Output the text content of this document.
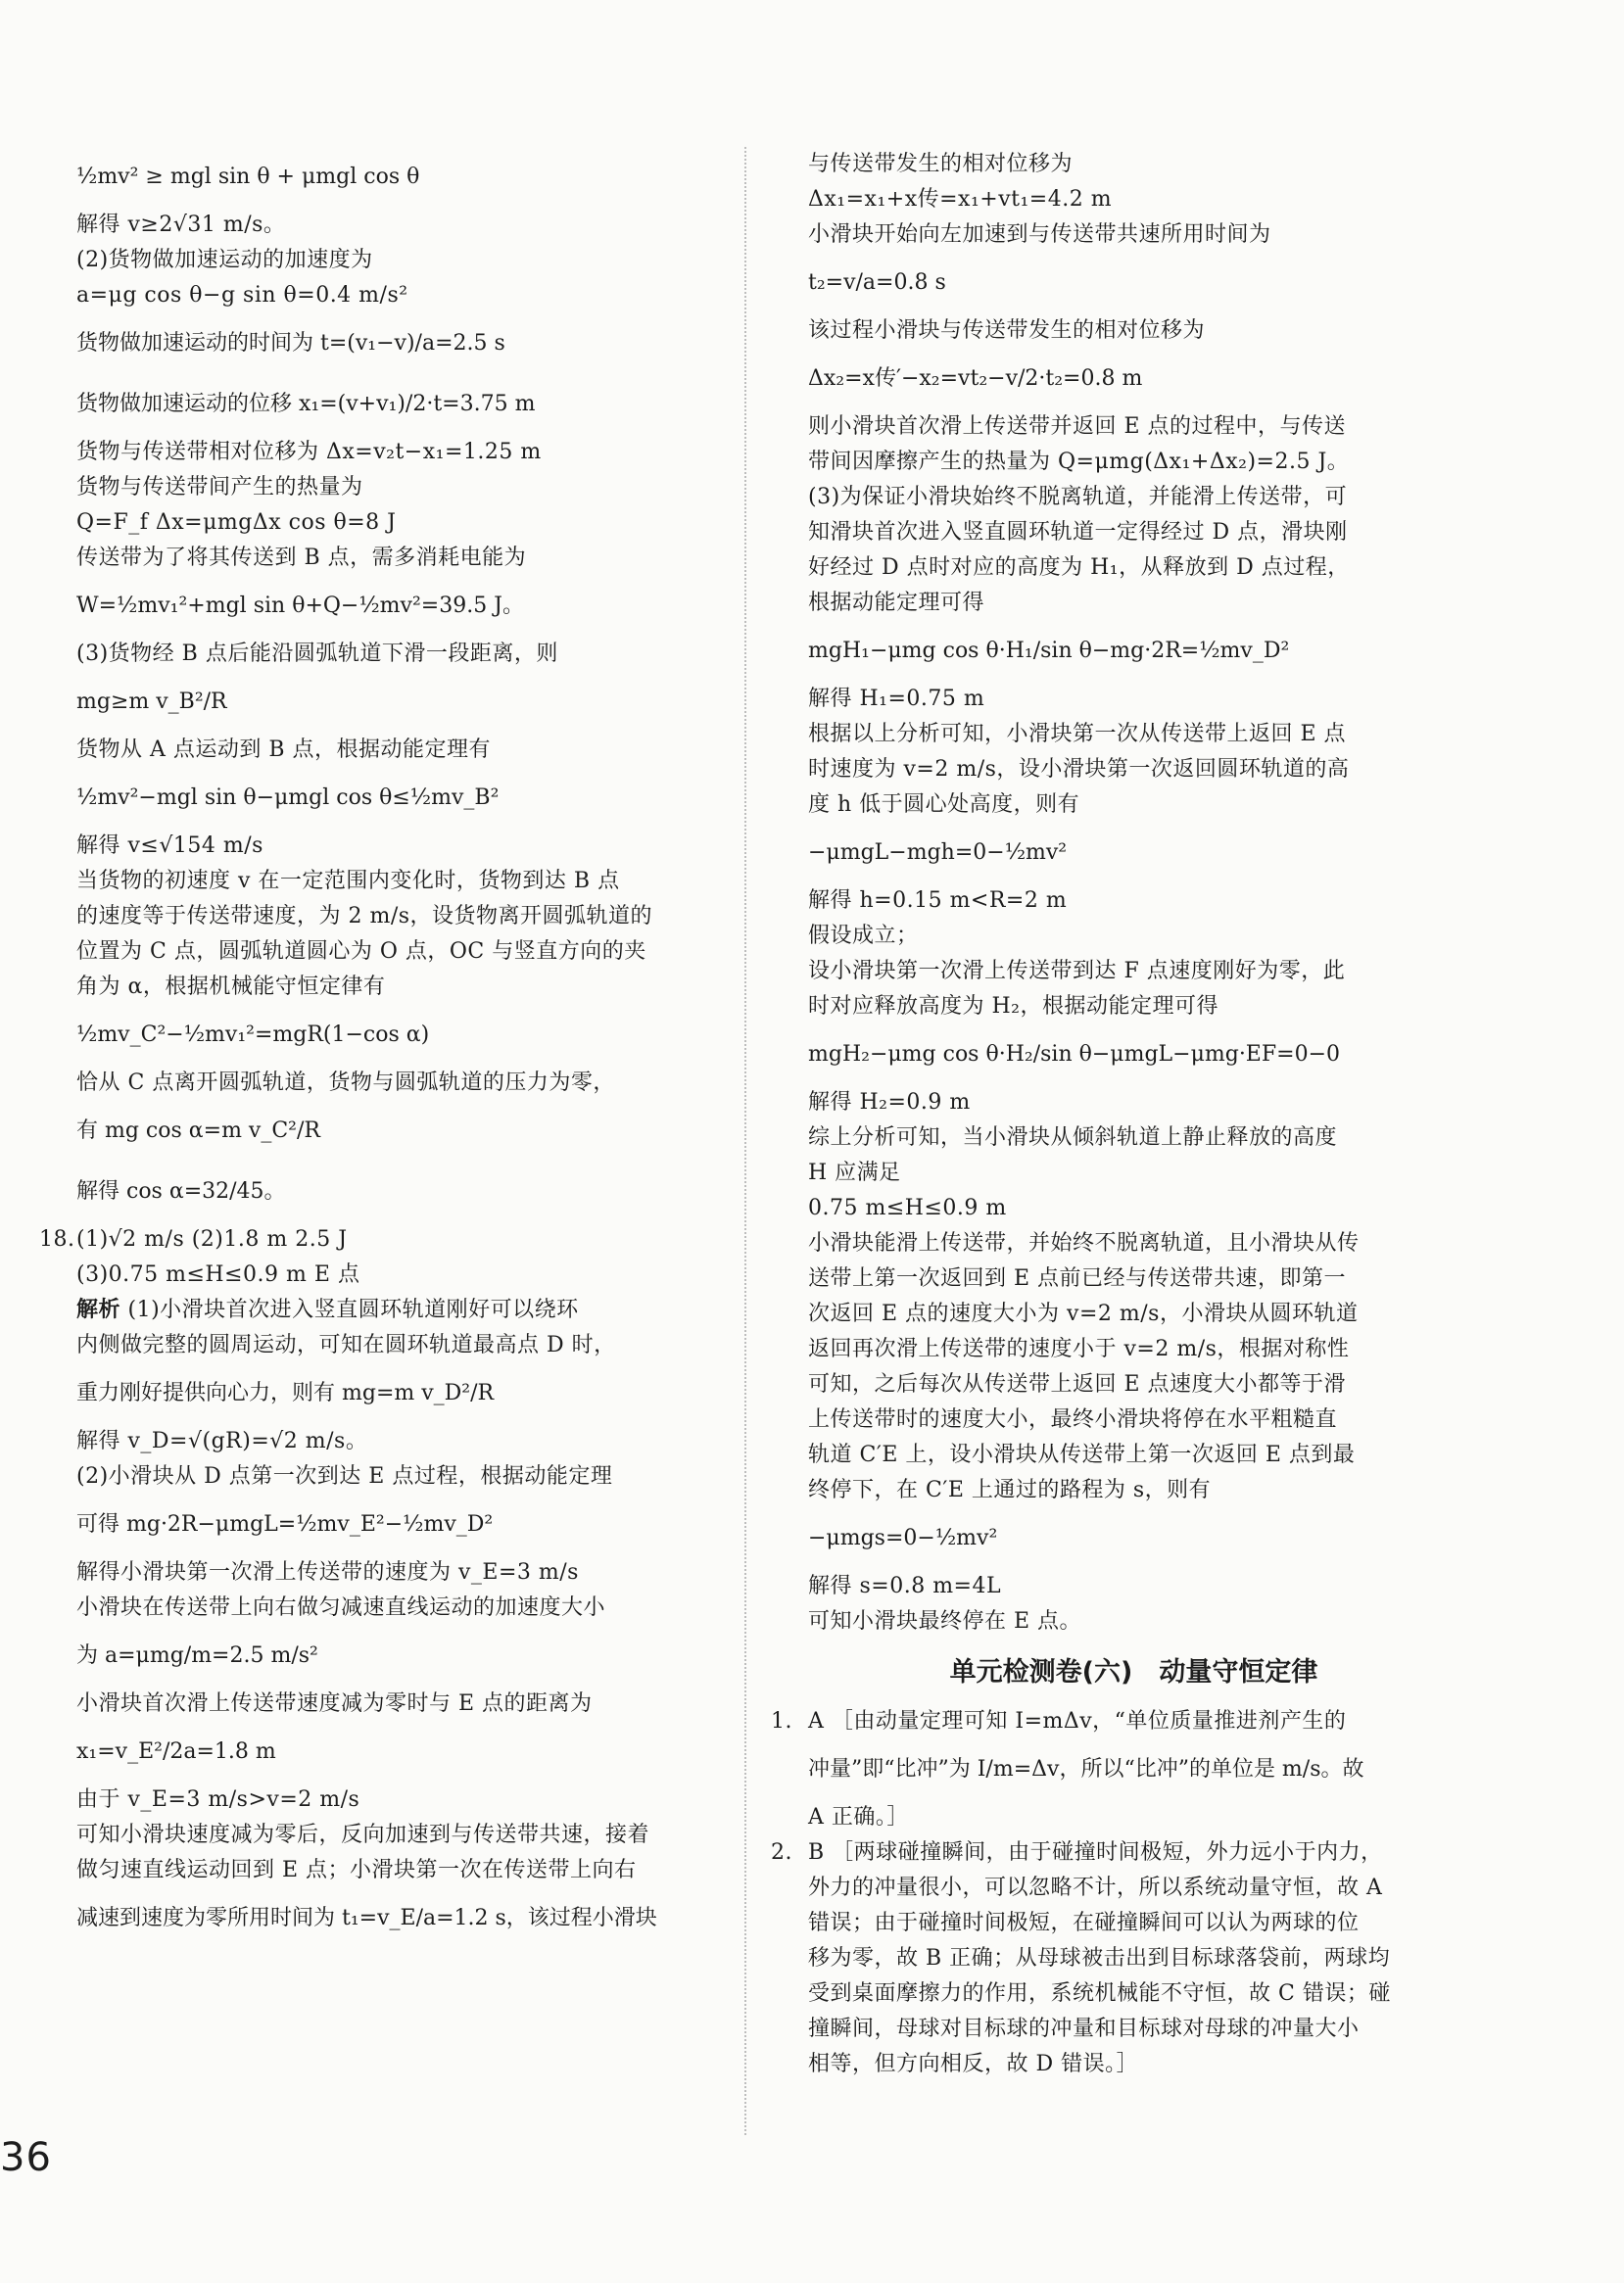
½mv² ≥ mgl sin θ + μmgl cos θ
解得 v≥2√31 m/s。
(2)货物做加速运动的加速度为
a=μg cos θ−g sin θ=0.4 m/s²
货物做加速运动的时间为 t=(v₁−v)/a=2.5 s
货物做加速运动的位移 x₁=(v+v₁)/2·t=3.75 m
货物与传送带相对位移为 Δx=v₂t−x₁=1.25 m
货物与传送带间产生的热量为
Q=F_f Δx=μmgΔx cos θ=8 J
传送带为了将其传送到 B 点，需多消耗电能为
W=½mv₁²+mgl sin θ+Q−½mv²=39.5 J。
(3)货物经 B 点后能沿圆弧轨道下滑一段距离，则
mg≥m v_B²/R
货物从 A 点运动到 B 点，根据动能定理有
½mv²−mgl sin θ−μmgl cos θ≤½mv_B²
解得 v≤√154 m/s
当货物的初速度 v 在一定范围内变化时，货物到达 B 点
的速度等于传送带速度，为 2 m/s，设货物离开圆弧轨道的
位置为 C 点，圆弧轨道圆心为 O 点，OC 与竖直方向的夹
角为 α，根据机械能守恒定律有
½mv_C²−½mv₁²=mgR(1−cos α)
恰从 C 点离开圆弧轨道，货物与圆弧轨道的压力为零，
有 mg cos α=m v_C²/R
解得 cos α=32/45。
18. (1)√2 m/s (2)1.8 m 2.5 J
(3)0.75 m≤H≤0.9 m E 点
解析 (1)小滑块首次进入竖直圆环轨道刚好可以绕环
内侧做完整的圆周运动，可知在圆环轨道最高点 D 时，
重力刚好提供向心力，则有 mg=m v_D²/R
解得 v_D=√(gR)=√2 m/s。
(2)小滑块从 D 点第一次到达 E 点过程，根据动能定理
可得 mg·2R−μmgL=½mv_E²−½mv_D²
解得小滑块第一次滑上传送带的速度为 v_E=3 m/s
小滑块在传送带上向右做匀减速直线运动的加速度大小
为 a=μmg/m=2.5 m/s²
小滑块首次滑上传送带速度减为零时与 E 点的距离为
x₁=v_E²/2a=1.8 m
由于 v_E=3 m/s>v=2 m/s
可知小滑块速度减为零后，反向加速到与传送带共速，接着
做匀速直线运动回到 E 点；小滑块第一次在传送带上向右
减速到速度为零所用时间为 t₁=v_E/a=1.2 s，该过程小滑块
与传送带发生的相对位移为
Δx₁=x₁+x传=x₁+vt₁=4.2 m
小滑块开始向左加速到与传送带共速所用时间为
t₂=v/a=0.8 s
该过程小滑块与传送带发生的相对位移为
Δx₂=x传′−x₂=vt₂−v/2·t₂=0.8 m
则小滑块首次滑上传送带并返回 E 点的过程中，与传送
带间因摩擦产生的热量为 Q=μmg(Δx₁+Δx₂)=2.5 J。
(3)为保证小滑块始终不脱离轨道，并能滑上传送带，可
知滑块首次进入竖直圆环轨道一定得经过 D 点，滑块刚
好经过 D 点时对应的高度为 H₁，从释放到 D 点过程，
根据动能定理可得
mgH₁−μmg cos θ·H₁/sin θ−mg·2R=½mv_D²
解得 H₁=0.75 m
根据以上分析可知，小滑块第一次从传送带上返回 E 点
时速度为 v=2 m/s，设小滑块第一次返回圆环轨道的高
度 h 低于圆心处高度，则有
−μmgL−mgh=0−½mv²
解得 h=0.15 m<R=2 m
假设成立；
设小滑块第一次滑上传送带到达 F 点速度刚好为零，此
时对应释放高度为 H₂，根据动能定理可得
mgH₂−μmg cos θ·H₂/sin θ−μmgL−μmg·EF=0−0
解得 H₂=0.9 m
综上分析可知，当小滑块从倾斜轨道上静止释放的高度
H 应满足
0.75 m≤H≤0.9 m
小滑块能滑上传送带，并始终不脱离轨道，且小滑块从传
送带上第一次返回到 E 点前已经与传送带共速，即第一
次返回 E 点的速度大小为 v=2 m/s，小滑块从圆环轨道
返回再次滑上传送带的速度小于 v=2 m/s，根据对称性
可知，之后每次从传送带上返回 E 点速度大小都等于滑
上传送带时的速度大小，最终小滑块将停在水平粗糙直
轨道 C′E 上，设小滑块从传送带上第一次返回 E 点到最
终停下，在 C′E 上通过的路程为 s，则有
−μmgs=0−½mv²
解得 s=0.8 m=4L
可知小滑块最终停在 E 点。
单元检测卷(六)　动量守恒定律
1. A ［由动量定理可知 I=mΔv，“单位质量推进剂产生的
冲量”即“比冲”为 I/m=Δv，所以“比冲”的单位是 m/s。故
A 正确。］
2. B ［两球碰撞瞬间，由于碰撞时间极短，外力远小于内力，
外力的冲量很小，可以忽略不计，所以系统动量守恒，故 A
错误；由于碰撞时间极短，在碰撞瞬间可以认为两球的位
移为零，故 B 正确；从母球被击出到目标球落袋前，两球均
受到桌面摩擦力的作用，系统机械能不守恒，故 C 错误；碰
撞瞬间，母球对目标球的冲量和目标球对母球的冲量大小
相等，但方向相反，故 D 错误。］
36
